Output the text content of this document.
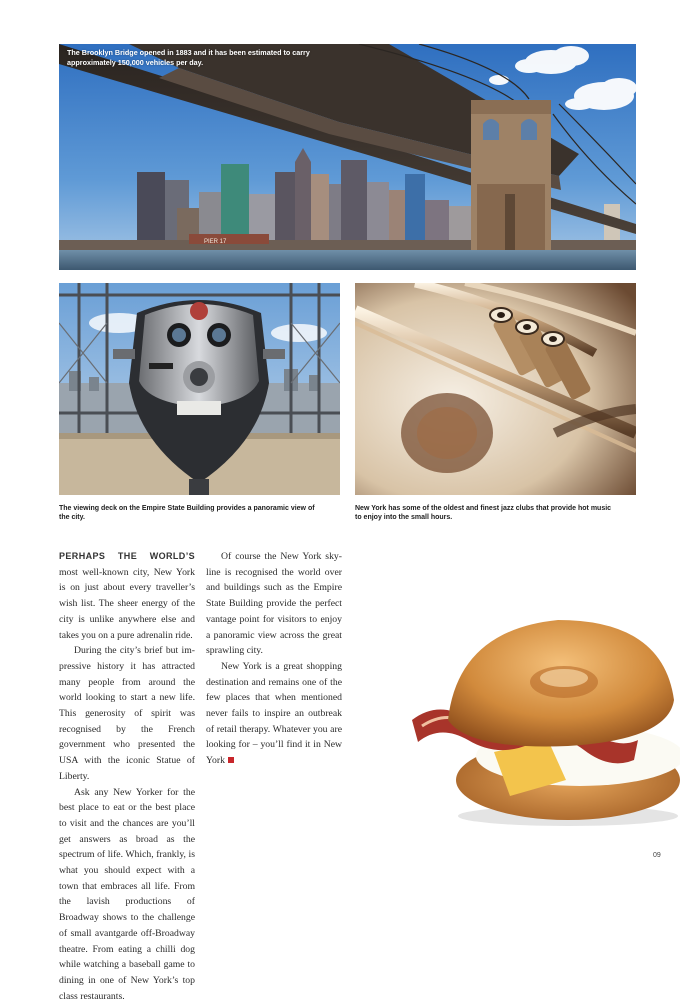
PIER 17
The Brooklyn Bridge opened in 1883 and it has been estimated to carry approximately 150,000 vehicles per day.
The viewing deck on the Empire State Building provides a panoramic view of the city.
New York has some of the oldest and finest jazz clubs that provide hot music to enjoy into the small hours.

PERHAPS THE WORLD’S most well-known city, New York is on just about every traveller’s wish list. The sheer energy of the city is unlike anywhere else and takes you on a pure adrenalin ride.

During the city’s brief but impressive history it has attracted many people from around the world looking to start a new life. This generosity of spirit was recognised by the French government who presented the USA with the iconic Statue of Liberty.

Ask any New Yorker for the best place to eat or the best place to visit and the chances are you’ll get answers as broad as the spectrum of life. Which, frankly, is what you should expect with a town that embraces all life. From the lavish productions of Broadway shows to the challenge of small avantgarde off-Broadway theatre. From eating a chilli dog while watching a baseball game to dining in one of New York’s top class restaurants.

Of course the New York skyline is recognised the world over and buildings such as the Empire State Building provide the perfect vantage point for visitors to enjoy a panoramic view across the great sprawling city.

New York is a great shopping destination and remains one of the few places that when mentioned never fails to inspire an outbreak of retail therapy. Whatever you are looking for – you’ll find it in New York

09
